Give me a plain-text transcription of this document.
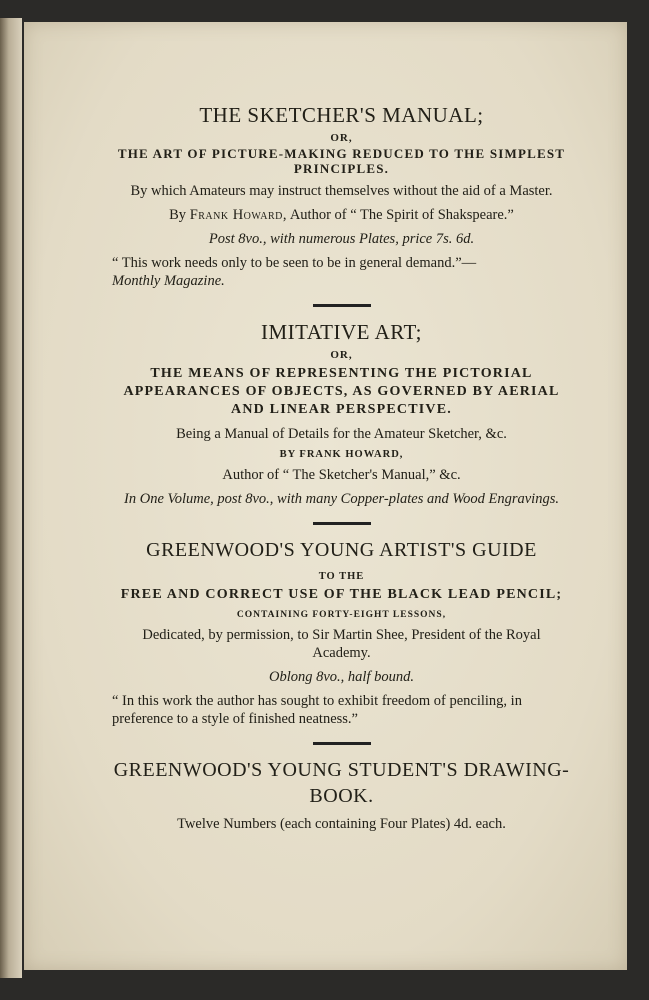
THE SKETCHER'S MANUAL;

OR,

THE ART OF PICTURE-MAKING REDUCED TO THE SIMPLEST PRINCIPLES.

By which Amateurs may instruct themselves without the aid of a Master.

By Frank Howard, Author of “ The Spirit of Shakspeare.”

Post 8vo., with numerous Plates, price 7s. 6d.

“ This work needs only to be seen to be in general demand.”—

Monthly Magazine.

IMITATIVE ART;

OR,

THE MEANS OF REPRESENTING THE PICTORIAL APPEARANCES OF OBJECTS, AS GOVERNED BY AERIAL AND LINEAR PERSPECTIVE.

Being a Manual of Details for the Amateur Sketcher, &c.

BY FRANK HOWARD,

Author of “ The Sketcher's Manual,” &c.

In One Volume, post 8vo., with many Copper-plates and Wood Engravings.

GREENWOOD'S YOUNG ARTIST'S GUIDE

TO THE

FREE AND CORRECT USE OF THE BLACK LEAD PENCIL;

CONTAINING FORTY-EIGHT LESSONS,

Dedicated, by permission, to Sir Martin Shee, President of the Royal Academy.

Oblong 8vo., half bound.

“ In this work the author has sought to exhibit freedom of penciling, in preference to a style of finished neatness.”

GREENWOOD'S YOUNG STUDENT'S DRAWING-BOOK.

Twelve Numbers (each containing Four Plates) 4d. each.
